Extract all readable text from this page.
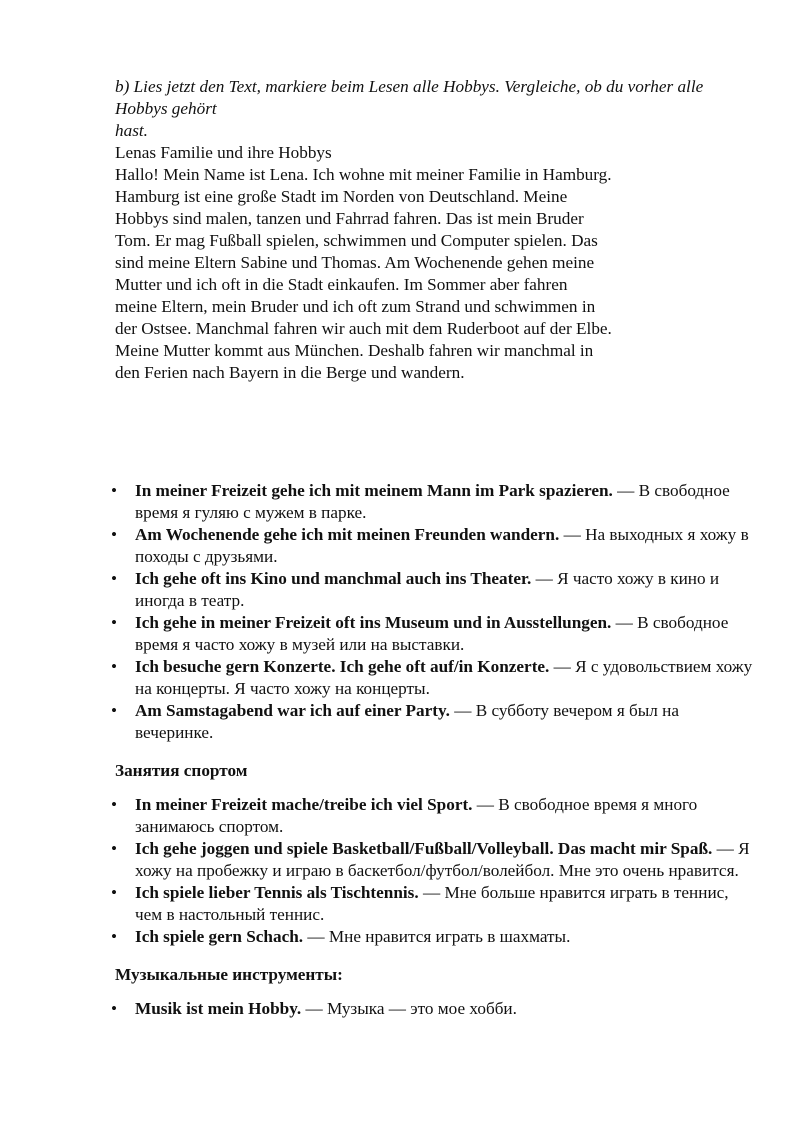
b) Lies jetzt den Text, markiere beim Lesen alle Hobbys. Vergleiche, ob du vorher alle Hobbys gehört
hast.
Lenas Familie und ihre Hobbys
Hallo! Mein Name ist Lena. Ich wohne mit meiner Familie in Hamburg.
Hamburg ist eine große Stadt im Norden von Deutschland. Meine
Hobbys sind malen, tanzen und Fahrrad fahren. Das ist mein Bruder
Tom. Er mag Fußball spielen, schwimmen und Computer spielen. Das
sind meine Eltern Sabine und Thomas. Am Wochenende gehen meine
Mutter und ich oft in die Stadt einkaufen. Im Sommer aber fahren
meine Eltern, mein Bruder und ich oft zum Strand und schwimmen in
der Ostsee. Manchmal fahren wir auch mit dem Ruderboot auf der Elbe.
Meine Mutter kommt aus München. Deshalb fahren wir manchmal in
den Ferien nach Bayern in die Berge und wandern.
• In meiner Freizeit gehe ich mit meinem Mann im Park spazieren. — В свободное время я гуляю с мужем в парке.
• Am Wochenende gehe ich mit meinen Freunden wandern. — На выходных я хожу в походы с друзьями.
• Ich gehe oft ins Kino und manchmal auch ins Theater. — Я часто хожу в кино и иногда в театр.
• Ich gehe in meiner Freizeit oft ins Museum und in Ausstellungen. — В свободное время я часто хожу в музей или на выставки.
• Ich besuche gern Konzerte. Ich gehe oft auf/in Konzerte. — Я с удовольствием хожу на концерты. Я часто хожу на концерты.
• Am Samstagabend war ich auf einer Party. — В субботу вечером я был на вечеринке.
Занятия спортом
• In meiner Freizeit mache/treibe ich viel Sport. — В свободное время я много занимаюсь спортом.
• Ich gehe joggen und spiele Basketball/Fußball/Volleyball. Das macht mir Spaß. — Я хожу на пробежку и играю в баскетбол/футбол/волейбол. Мне это очень нравится.
• Ich spiele lieber Tennis als Tischtennis. — Мне больше нравится играть в теннис, чем в настольный теннис.
• Ich spiele gern Schach. — Мне нравится играть в шахматы.
Музыкальные инструменты:
• Musik ist mein Hobby. — Музыка — это мое хобби.
